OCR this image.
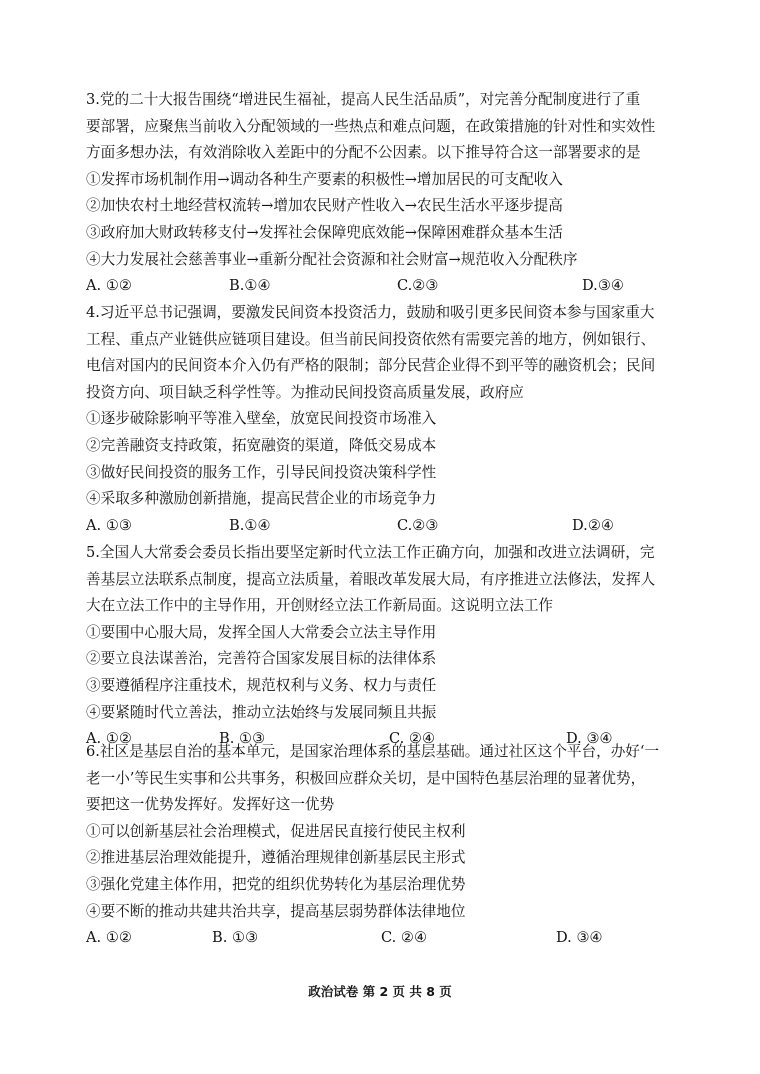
3.党的二十大报告围绕“增进民生福祉，提高人民生活品质”，对完善分配制度进行了重
要部署，应聚焦当前收入分配领域的一些热点和难点问题，在政策措施的针对性和实效性
方面多想办法，有效消除收入差距中的分配不公因素。以下推导符合这一部署要求的是
①发挥市场机制作用→调动各种生产要素的积极性→增加居民的可支配收入
②加快农村土地经营权流转→增加农民财产性收入→农民生活水平逐步提高
③政府加大财政转移支付→发挥社会保障兜底效能→保障困难群众基本生活
④大力发展社会慈善事业→重新分配社会资源和社会财富→规范收入分配秩序
A. ①②	B.①④	C.②③	D.③④
4.习近平总书记强调，要激发民间资本投资活力，鼓励和吸引更多民间资本参与国家重大
工程、重点产业链供应链项目建设。但当前民间投资依然有需要完善的地方，例如银行、
电信对国内的民间资本介入仍有严格的限制；部分民营企业得不到平等的融资机会；民间
投资方向、项目缺乏科学性等。为推动民间投资高质量发展，政府应
①逐步破除影响平等准入壁垒，放宽民间投资市场准入
②完善融资支持政策，拓宽融资的渠道，降低交易成本
③做好民间投资的服务工作，引导民间投资决策科学性
④采取多种激励创新措施，提高民营企业的市场竞争力
A. ①③	B.①④	C.②③	D.②④
5.全国人大常委会委员长指出要坚定新时代立法工作正确方向，加强和改进立法调研，完
善基层立法联系点制度，提高立法质量，着眼改革发展大局，有序推进立法修法，发挥人
大在立法工作中的主导作用，开创财经立法工作新局面。这说明立法工作
①要围中心服大局，发挥全国人大常委会立法主导作用
②要立良法谋善治，完善符合国家发展目标的法律体系
③要遵循程序注重技术，规范权利与义务、权力与责任
④要紧随时代立善法，推动立法始终与发展同频且共振
A. ①②	B. ①③	C. ②④	D. ③④
6.社区是基层自治的基本单元，是国家治理体系的基层基础。通过社区这个平台，办好‘一
老一小’等民生实事和公共事务，积极回应群众关切，是中国特色基层治理的显著优势，
要把这一优势发挥好。发挥好这一优势
①可以创新基层社会治理模式，促进居民直接行使民主权利
②推进基层治理效能提升，遵循治理规律创新基层民主形式
③强化党建主体作用，把党的组织优势转化为基层治理优势
④要不断的推动共建共治共享，提高基层弱势群体法律地位
A. ①②	B. ①③	C. ②④	D. ③④
政治试卷 第 2 页 共 8 页
